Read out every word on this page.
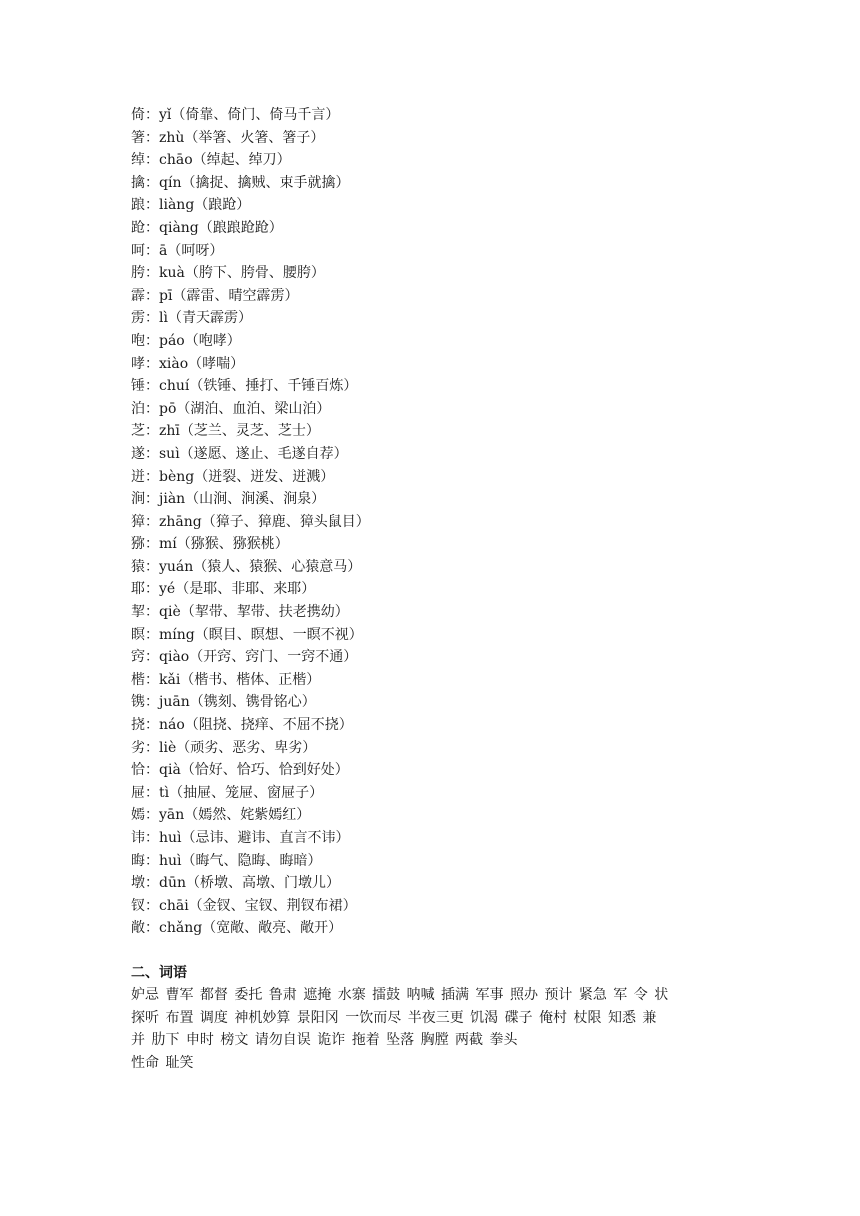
倚：yǐ（倚靠、倚门、倚马千言）
箸：zhù（举箸、火箸、箸子）
绰：chāo（绰起、绰刀）
擒：qín（擒捉、擒贼、束手就擒）
踉：liàng（踉跄）
跄：qiàng（踉踉跄跄）
呵：ā（呵呀）
胯：kuà（胯下、胯骨、腰胯）
霹：pī（霹雷、晴空霹雳）
雳：lì（青天霹雳）
咆：páo（咆哮）
哮：xiào（哮喘）
锤：chuí（铁锤、捶打、千锤百炼）
泊：pō（湖泊、血泊、梁山泊）
芝：zhī（芝兰、灵芝、芝士）
遂：suì（遂愿、遂止、毛遂自荐）
迸：bèng（迸裂、迸发、迸溅）
涧：jiàn（山涧、涧溪、涧泉）
獐：zhāng（獐子、獐鹿、獐头鼠目）
猕：mí（猕猴、猕猴桃）
猿：yuán（猿人、猿猴、心猿意马）
耶：yé（是耶、非耶、来耶）
挈：qiè（挈带、挈带、扶老携幼）
瞑：míng（瞑目、瞑想、一瞑不视）
窍：qiào（开窍、窍门、一窍不通）
楷：kǎi（楷书、楷体、正楷）
镌：juān（镌刻、镌骨铭心）
挠：náo（阻挠、挠痒、不屈不挠）
劣：liè（顽劣、恶劣、卑劣）
恰：qià（恰好、恰巧、恰到好处）
屉：tì（抽屉、笼屉、窗屉子）
嫣：yān（嫣然、姹紫嫣红）
讳：huì（忌讳、避讳、直言不讳）
晦：huì（晦气、隐晦、晦暗）
墩：dūn（桥墩、高墩、门墩儿）
钗：chāi（金钗、宝钗、荆钗布裙）
敞：chǎng（宽敞、敞亮、敞开）
二、词语
妒忌 曹军 都督 委托 鲁肃 遮掩 水寨 擂鼓 呐喊 插满 军事 照办 预计 紧急 军 令 状
探听 布置 调度 神机妙算 景阳冈 一饮而尽 半夜三更 饥渴 碟子 俺村 杖限 知悉 兼
并 肋下 申时 榜文 请勿自误 诡诈 拖着 坠落 胸膛 两截 拳头
性命 耻笑
